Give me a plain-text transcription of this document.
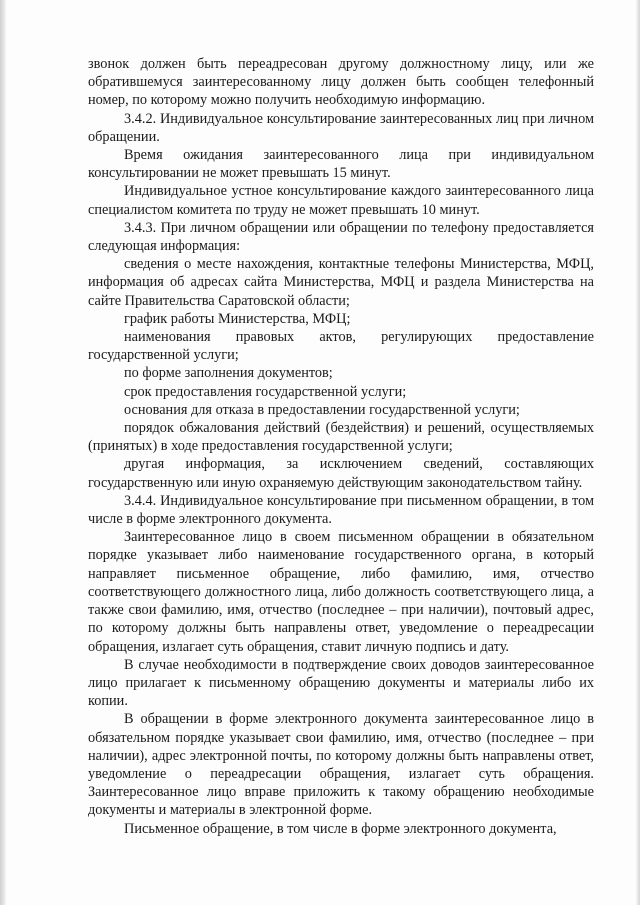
звонок должен быть переадресован другому должностному лицу, или же обратившемуся заинтересованному лицу должен быть сообщен телефонный номер, по которому можно получить необходимую информацию.

3.4.2. Индивидуальное консультирование заинтересованных лиц при личном обращении.

Время ожидания заинтересованного лица при индивидуальном консультировании не может превышать 15 минут.

Индивидуальное устное консультирование каждого заинтересованного лица специалистом комитета по труду не может превышать 10 минут.

3.4.3. При личном обращении или обращении по телефону предоставляется следующая информация:

сведения о месте нахождения, контактные телефоны Министерства, МФЦ, информация об адресах сайта Министерства, МФЦ и раздела Министерства на сайте Правительства Саратовской области;

график работы Министерства, МФЦ;

наименования правовых актов, регулирующих предоставление государственной услуги;

по форме заполнения документов;

срок предоставления государственной услуги;

основания для отказа в предоставлении государственной услуги;

порядок обжалования действий (бездействия) и решений, осуществляемых (принятых) в ходе предоставления государственной услуги;

другая информация, за исключением сведений, составляющих государственную или иную охраняемую действующим законодательством тайну.

3.4.4. Индивидуальное консультирование при письменном обращении, в том числе в форме электронного документа.

Заинтересованное лицо в своем письменном обращении в обязательном порядке указывает либо наименование государственного органа, в который направляет письменное обращение, либо фамилию, имя, отчество соответствующего должностного лица, либо должность соответствующего лица, а также свои фамилию, имя, отчество (последнее – при наличии), почтовый адрес, по которому должны быть направлены ответ, уведомление о переадресации обращения, излагает суть обращения, ставит личную подпись и дату.

В случае необходимости в подтверждение своих доводов заинтересованное лицо прилагает к письменному обращению документы и материалы либо их копии.

В обращении в форме электронного документа заинтересованное лицо в обязательном порядке указывает свои фамилию, имя, отчество (последнее – при наличии), адрес электронной почты, по которому должны быть направлены ответ, уведомление о переадресации обращения, излагает суть обращения. Заинтересованное лицо вправе приложить к такому обращению необходимые документы и материалы в электронной форме.

Письменное обращение, в том числе в форме электронного документа,
